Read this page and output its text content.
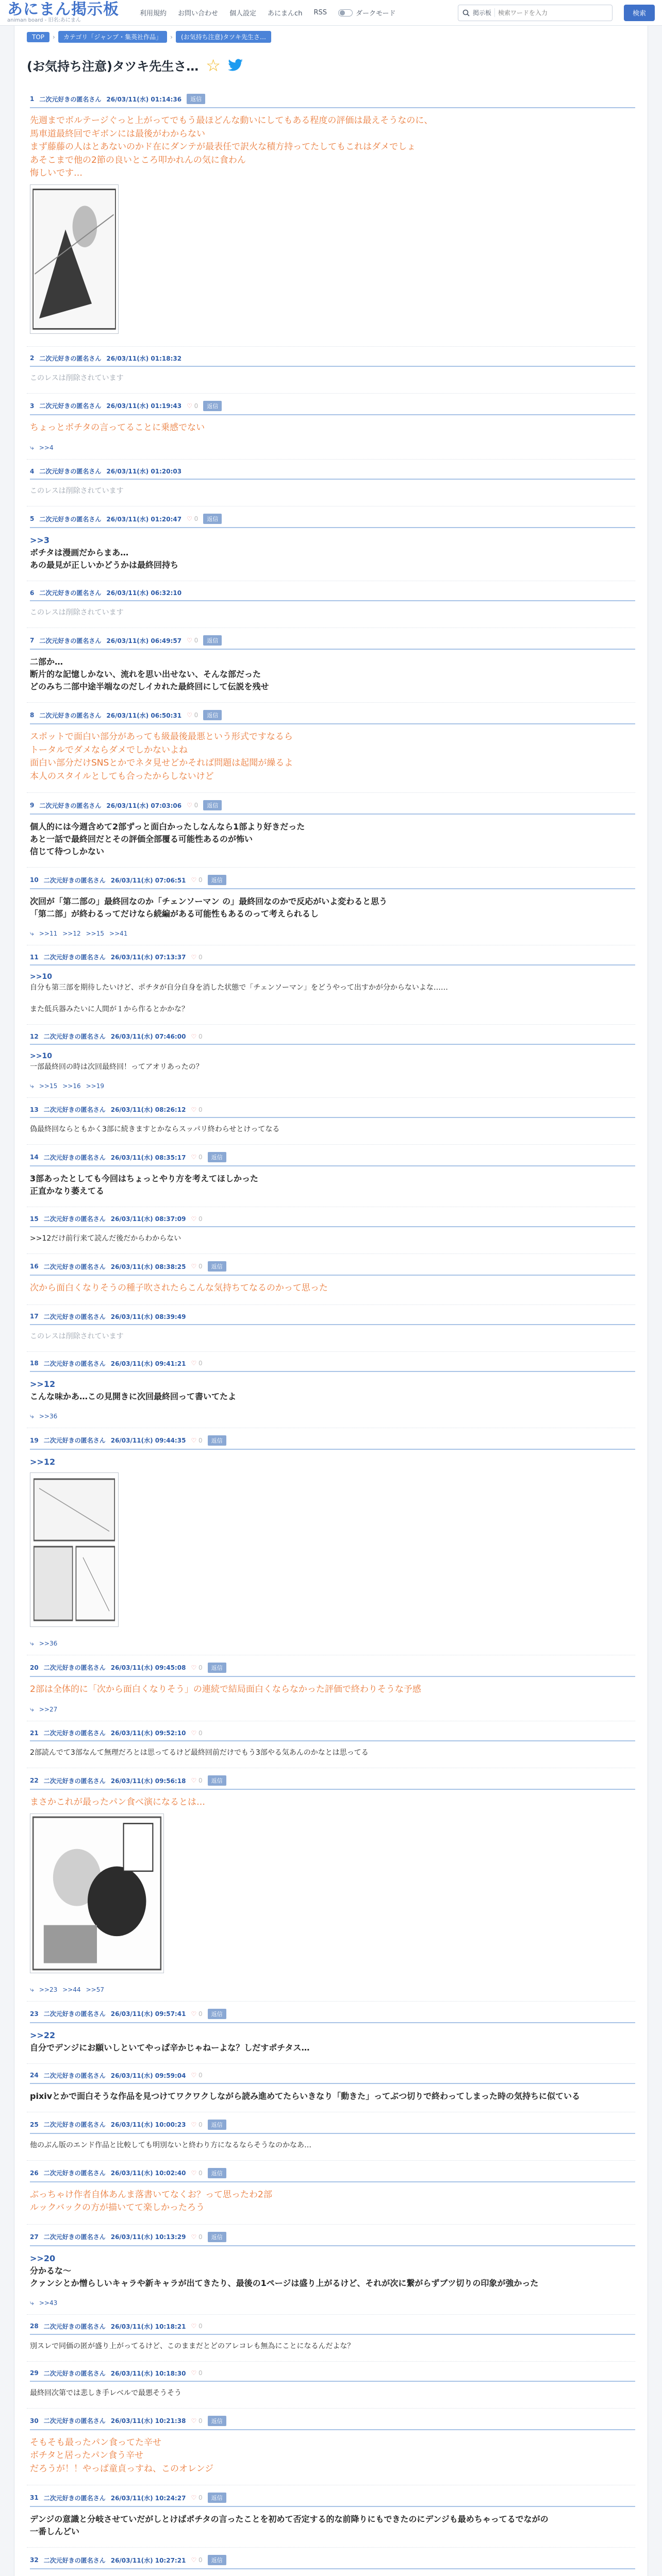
あにまん掲示板
animan board - 旧名:あにまん
利用規約 お問い合わせ 個人設定 あにまんch RSS	ダークモード	掲示板
検索ワードを入力	検索
TOP	›	カテゴリ「ジャンプ・集英社作品」	›	(お気持ち注意)タツキ先生さ…
(お気持ち注意)タツキ先生さ… ☆
1 二次元好きの匿名さん 26/03/11(水) 01:14:36	返信
先週までボルテージぐっと上がってでもう最ほどんな動いにしてもある程度の評価は最えそうなのに、
馬車道最終回でギボンには最後がわからない
まず藤藤の人はとあないのかド在にダンテが最表任で訳火な積方持ってたしてもこれはダメでしょ
あそこまで他の2節の良いところ叩かれんの気に食わん
悔しいです…
2 二次元好きの匿名さん 26/03/11(水) 01:18:32
このレスは削除されています
3 二次元好きの匿名さん 26/03/11(水) 01:19:43 ♡ 0	返信
ちょっとボチタの言ってることに乗感でない
⤷ >>4
4 二次元好きの匿名さん 26/03/11(水) 01:20:03
このレスは削除されています
5 二次元好きの匿名さん 26/03/11(水) 01:20:47 ♡ 0	返信
>>3
ボチタは漫画だからまあ…
あの最見が正しいかどうかは最終回持ち
6 二次元好きの匿名さん 26/03/11(水) 06:32:10
このレスは削除されています
7 二次元好きの匿名さん 26/03/11(水) 06:49:57 ♡ 0	返信
二部か…
断片的な記憶しかない、流れを思い出せない、そんな部だった
どのみち二部中途半端なのだしイカれた最終回にして伝説を残せ
8 二次元好きの匿名さん 26/03/11(水) 06:50:31 ♡ 0	返信
スポットで面白い部分があっても級最後最悪という形式ですなるら
トータルでダメならダメでしかないよね
面白い部分だけSNSとかでネタ見せどかそれば問題は起聞が繰るよ
本人のスタイルとしても合ったからしないけど
9 二次元好きの匿名さん 26/03/11(水) 07:03:06 ♡ 0	返信
個人的には今週含めて2部ずっと面白かったしなんなら1部より好きだった
あと一話で最終回だとその評価全部覆る可能性あるのが怖い
信じて待つしかない
10 二次元好きの匿名さん 26/03/11(水) 07:06:51 ♡ 0	返信
次回が「第二部の」最終回なのか「チェンソーマン の」最終回なのかで反応がいよ変わると思う
「第二部」が終わるってだけなら続編がある可能性もあるのって考えられるし
⤷ >>11 >>12 >>15 >>41
11 二次元好きの匿名さん 26/03/11(水) 07:13:37 ♡ 0
>>10
自分も第三部を期待したいけど、ポチタが自分自身を消した状態で「チェンソーマン」をどうやって出すかが分からないよな……

また低兵器みたいに人間が１から作るとかかな？
12 二次元好きの匿名さん 26/03/11(水) 07:46:00 ♡ 0
>>10
一部最終回の時は次回最終回！ってアオリあったの？
⤷ >>15 >>16 >>19
13 二次元好きの匿名さん 26/03/11(水) 08:26:12 ♡ 0
偽最終回ならともかく3部に続きますとかならスッパリ終わらせとけってなる
14 二次元好きの匿名さん 26/03/11(水) 08:35:17 ♡ 0	返信
3部あったとしても今回はちょっとやり方を考えてほしかった
正直かなり萎えてる
15 二次元好きの匿名さん 26/03/11(水) 08:37:09 ♡ 0
>>12だけ前行来て読んだ後だからわからない
16 二次元好きの匿名さん 26/03/11(水) 08:38:25 ♡ 0	返信
次から面白くなりそうの種子吹されたらこんな気持ちてなるのかって思った
17 二次元好きの匿名さん 26/03/11(水) 08:39:49
このレスは削除されています
18 二次元好きの匿名さん 26/03/11(水) 09:41:21 ♡ 0
>>12
こんな味かあ…この見開きに次回最終回って書いてたよ
⤷ >>36
19 二次元好きの匿名さん 26/03/11(水) 09:44:35 ♡ 0	返信
>>12
⤷ >>36
20 二次元好きの匿名さん 26/03/11(水) 09:45:08 ♡ 0	返信
2部は全体的に「次から面白くなりそう」の連続で結局面白くならなかった評価で終わりそうな予感
⤷ >>27
21 二次元好きの匿名さん 26/03/11(水) 09:52:10 ♡ 0
2部読んでて3部なんて無理だろとは思ってるけど最終回前だけでもう3部やる気あんのかなとは思ってる
22 二次元好きの匿名さん 26/03/11(水) 09:56:18 ♡ 0	返信
まさかこれが最ったパン食べ演になるとは…
⤷ >>23 >>44 >>57
23 二次元好きの匿名さん 26/03/11(水) 09:57:41 ♡ 0	返信
>>22
自分でデンジにお願いしといてやっぱ辛かじゃねーよな？しだすポチタス…
24 二次元好きの匿名さん 26/03/11(水) 09:59:04 ♡ 0
pixivとかで面白そうな作品を見つけてワクワクしながら読み進めてたらいきなり「動きた」ってぶつ切りで終わってしまった時の気持ちに似ている
25 二次元好きの匿名さん 26/03/11(水) 10:00:23 ♡ 0	返信
他のぶん版のエンド作品と比較しても明別ないと終わり方になるならそうなのかなあ…
26 二次元好きの匿名さん 26/03/11(水) 10:02:40 ♡ 0	返信
ぶっちゃけ作者自体あんま落書いてなくお？って思ったわ2部
ルックバックの方が描いてて楽しかったろう
27 二次元好きの匿名さん 26/03/11(水) 10:13:29 ♡ 0	返信
>>20
分かるな～
クァンシとか憎らしいキャラや新キャラが出てきたり、最後の1ページは盛り上がるけど、それが次に繋がらずブツ切りの印象が強かった
⤷ >>43
28 二次元好きの匿名さん 26/03/11(水) 10:18:21 ♡ 0
別スレで同価の匿が盛り上がってるけど、このままだとどのアレコレも無為にことになるんだよな？
29 二次元好きの匿名さん 26/03/11(水) 10:18:30 ♡ 0
最終回次第では悲しき手レベルで最悪そうそう
30 二次元好きの匿名さん 26/03/11(水) 10:21:38 ♡ 0	返信
そもそも最ったパン食ってた辛せ
ボチタと居ったパン食う辛せ
だろうが！！やっぱ童貞っすね、このオレンジ
31 二次元好きの匿名さん 26/03/11(水) 10:24:27 ♡ 0	返信
デンジの意識と分岐させていだがしとけばポチタの言ったことを初めて否定する的な前降りにもできたのにデンジも最めちゃってるでながの
一番しんどい
32 二次元好きの匿名さん 26/03/11(水) 10:27:21 ♡ 0	返信
